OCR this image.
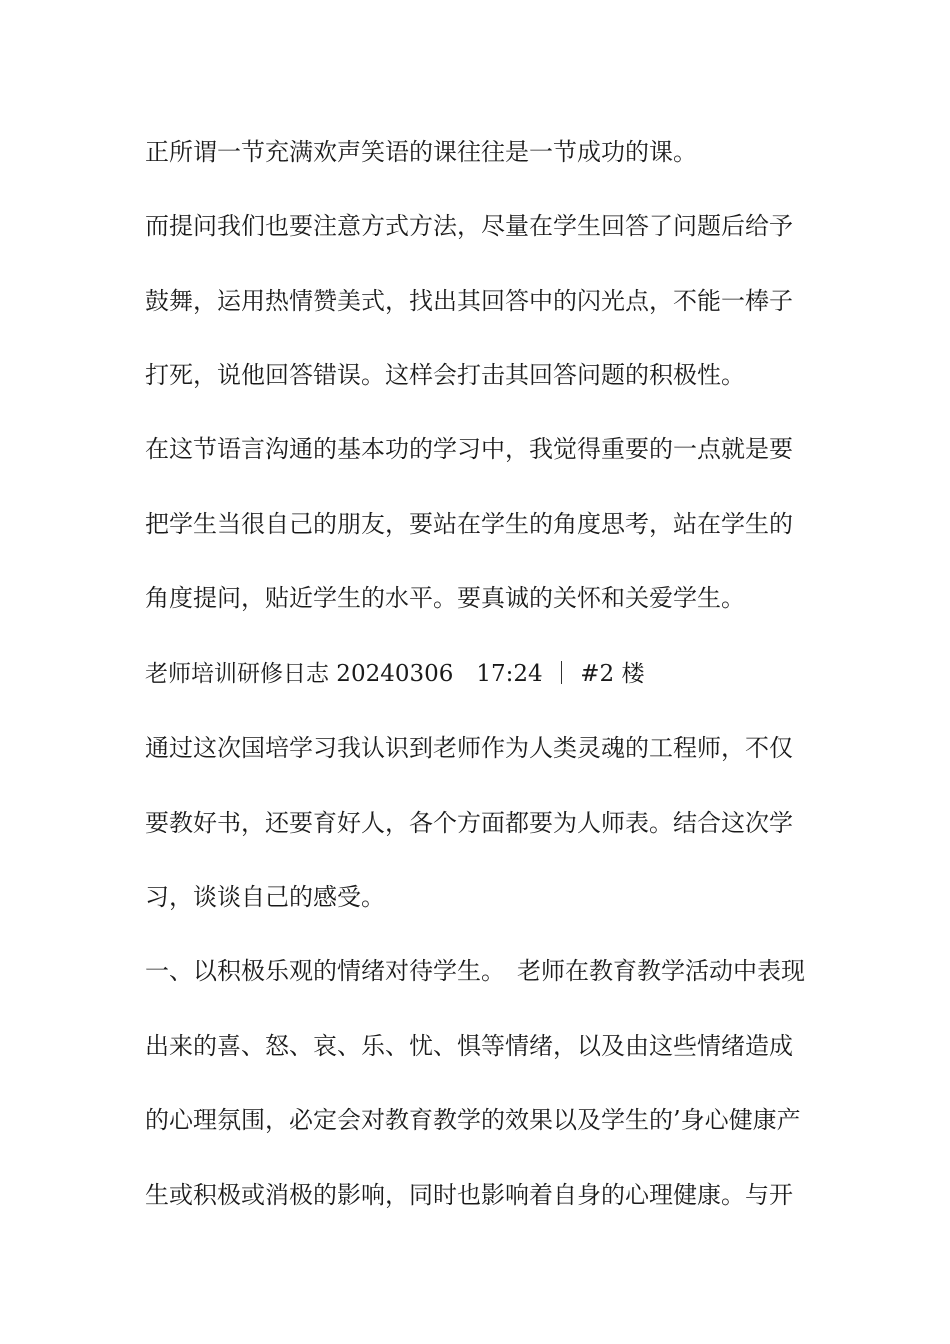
正所谓一节充满欢声笑语的课往往是一节成功的课。
而提问我们也要注意方式方法，尽量在学生回答了问题后给予
鼓舞，运用热情赞美式，找出其回答中的闪光点，不能一棒子
打死，说他回答错误。这样会打击其回答问题的积极性。
在这节语言沟通的基本功的学习中，我觉得重要的一点就是要
把学生当很自己的朋友，要站在学生的角度思考，站在学生的
角度提问，贴近学生的水平。要真诚的关怀和关爱学生。
老师培训研修日志 20240306　17:24 ｜ #2 楼
通过这次国培学习我认识到老师作为人类灵魂的工程师，不仅
要教好书，还要育好人，各个方面都要为人师表。结合这次学
习，谈谈自己的感受。
一、以积极乐观的情绪对待学生。　老师在教育教学活动中表现
出来的喜、怒、哀、乐、忧、惧等情绪，以及由这些情绪造成
的心理氛围，必定会对教育教学的效果以及学生的’身心健康产
生或积极或消极的影响，同时也影响着自身的心理健康。与开
